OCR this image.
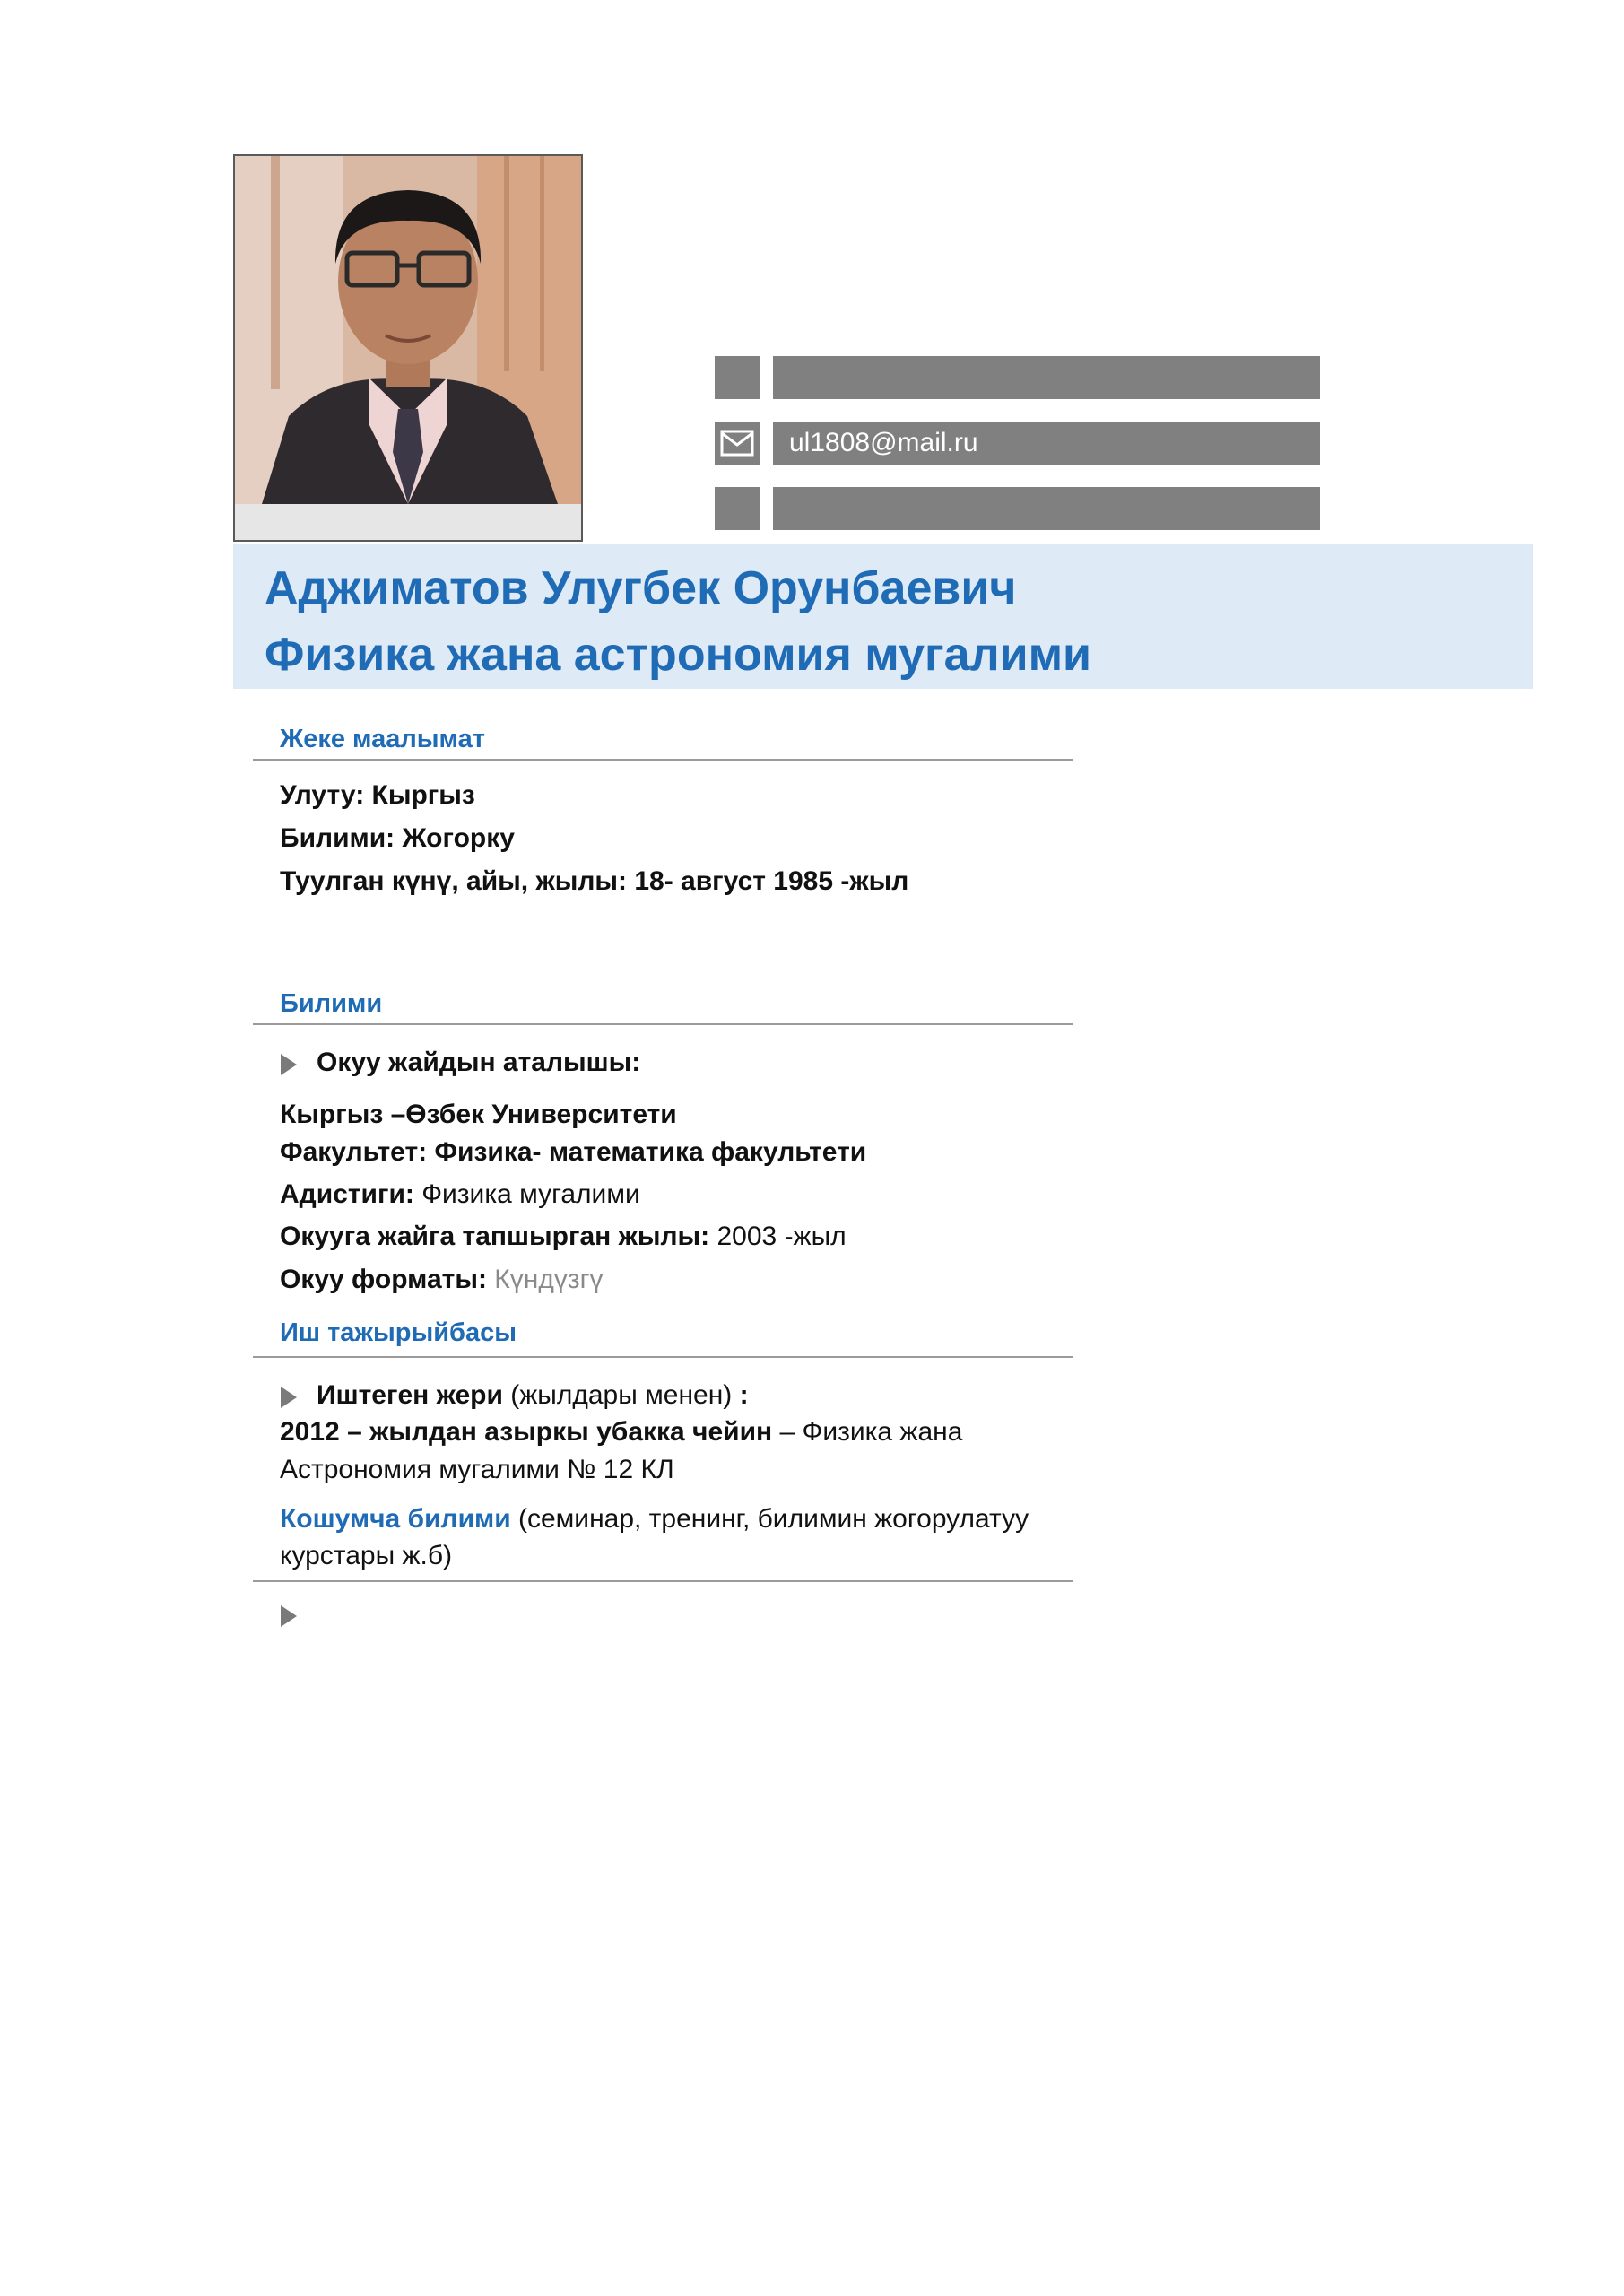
ul1808@mail.ru
Аджиматов Улугбек Орунбаевич
Физика жана астрономия мугалими
Жеке маалымат
Улуту: Кыргыз
Билими: Жогорку
Туулган күнү, айы, жылы: 18- август 1985 -жыл
Билими
Окуу жайдын аталышы:
Кыргыз –Өзбек Университети
Факультет: Физика- математика факультети
Адистиги: Физика мугалими
Окууга жайга тапшырган жылы: 2003 -жыл
Окуу форматы: Күндүзгү
Иш тажырыйбасы
Иштеген жери (жылдары менен) :
2012 – жылдан азыркы убакка чейин – Физика жана
Астрономия мугалими № 12 КЛ
Кошумча билими (семинар, тренинг, билимин жогорулатуу
курстары ж.б)
